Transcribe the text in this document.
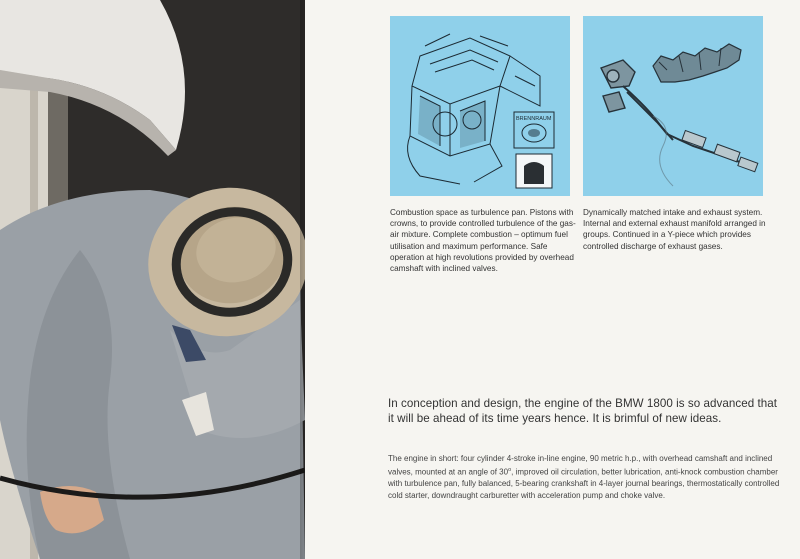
BRENNRAUM
Combustion space as turbulence pan. Pistons with crowns, to provide controlled turbulence of the gas-air mixture. Complete combustion – optimum fuel utilisation and maximum performance. Safe operation at high revolutions provided by overhead camshaft with inclined valves.
Dynamically matched intake and exhaust system. Internal and external exhaust manifold arranged in groups. Continued in a Y-piece which provides controlled discharge of exhaust gases.
In conception and design, the engine of the BMW 1800 is so advanced that it will be ahead of its time years hence. It is brimful of new ideas.
The engine in short: four cylinder 4-stroke in-line engine, 90 metric h.p., with overhead camshaft and inclined valves, mounted at an angle of 30$^o$, improved oil circulation, better lubrication, anti-knock combustion chamber with turbulence pan, fully balanced, 5-bearing crankshaft in 4-layer journal bearings, thermostatically controlled cold starter, downdraught carburetter with acceleration pump and choke valve.
